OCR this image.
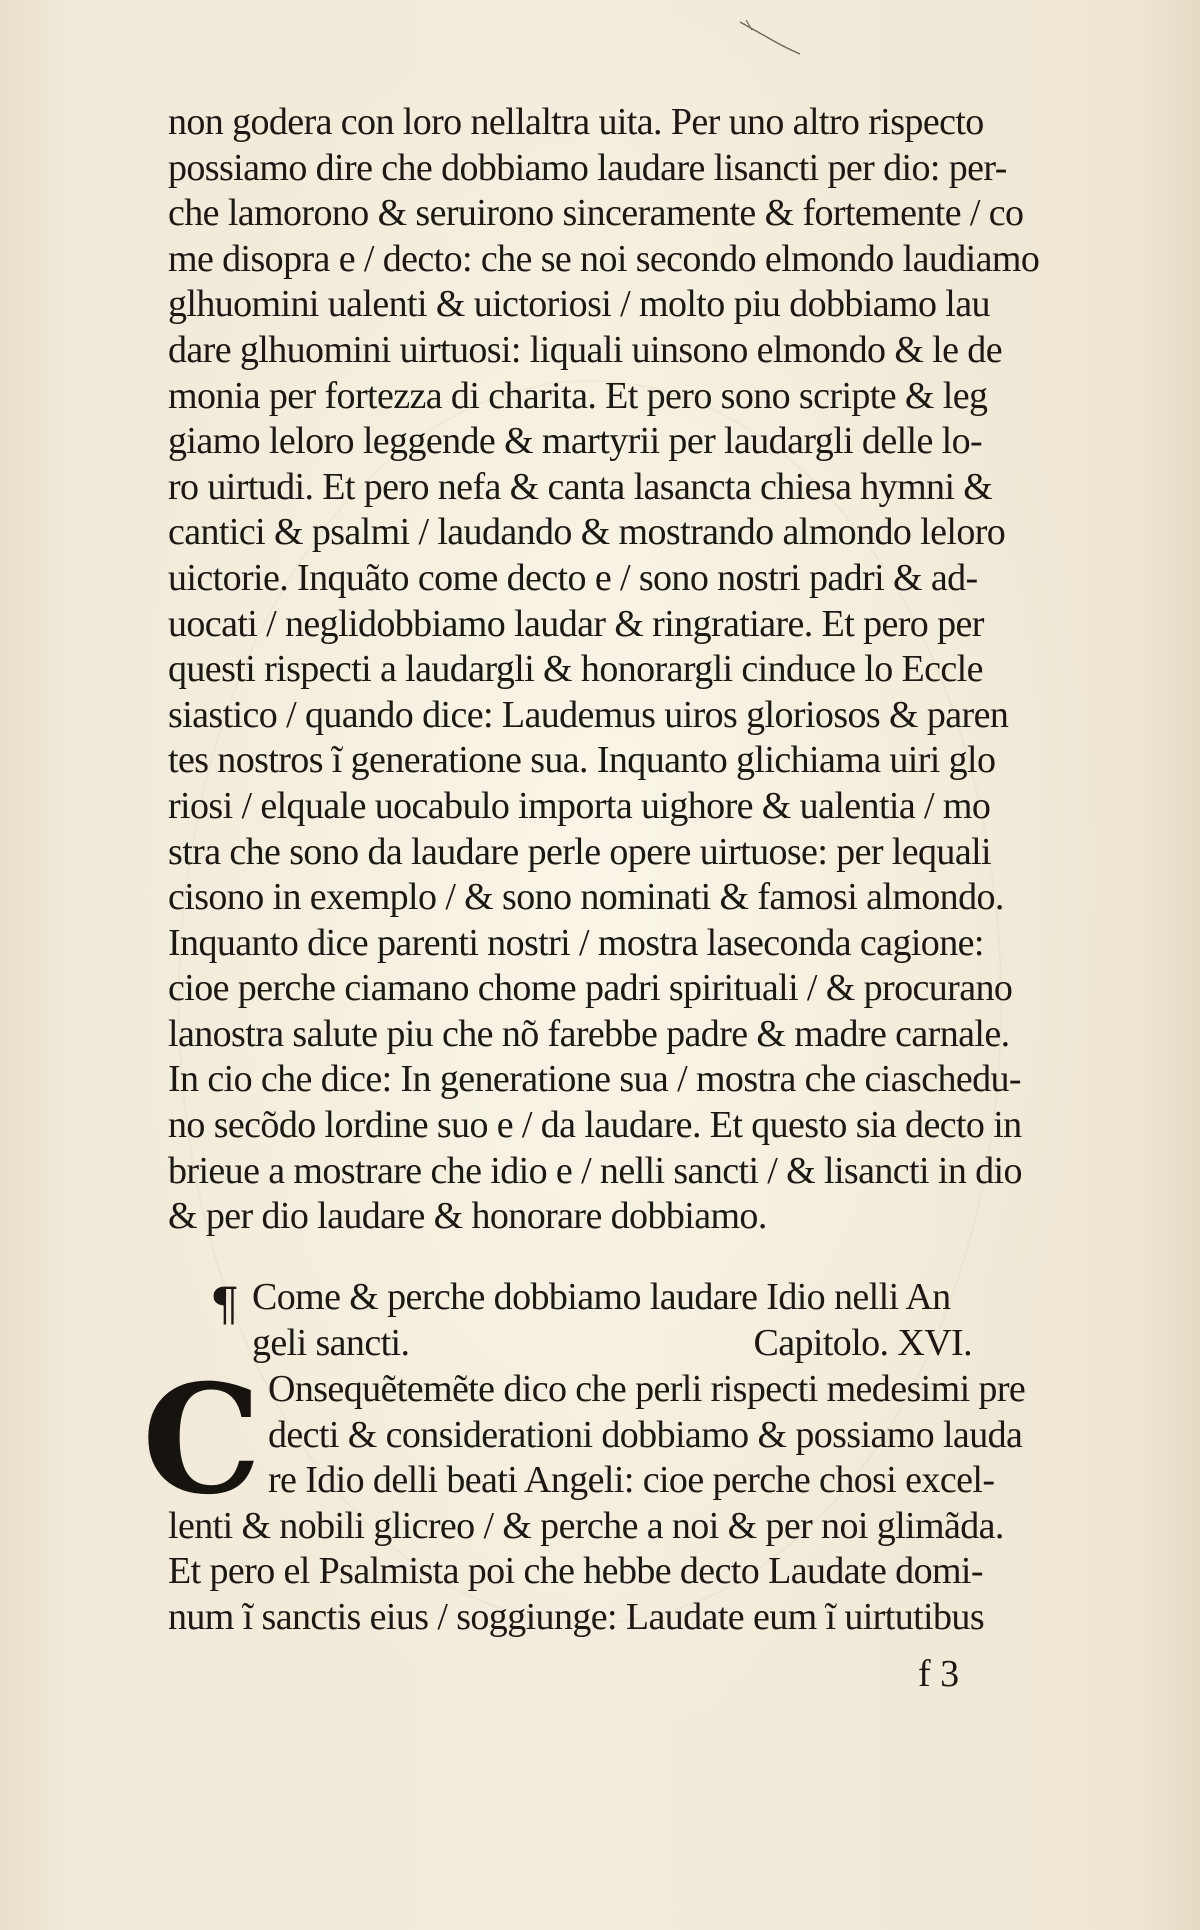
non godera con loro nellaltra uita. Per uno altro rispecto
possiamo dire che dobbiamo laudare lisancti per dio: per-
che lamorono & seruirono sinceramente & fortemente / co
me disopra e / decto: che se noi secondo elmondo laudiamo
glhuomini ualenti & uictoriosi / molto piu dobbiamo lau
dare glhuomini uirtuosi: liquali uinsono elmondo & le de
monia per fortezza di charita. Et pero sono scripte & leg
giamo leloro leggende & martyrii per laudargli delle lo-
ro uirtudi. Et pero nefa & canta lasancta chiesa hymni &
cantici & psalmi / laudando & mostrando almondo leloro
uictorie. Inquãto come decto e / sono nostri padri & ad-
uocati / neglidobbiamo laudar & ringratiare. Et pero per
questi rispecti a laudargli & honorargli cinduce lo Eccle
siastico / quando dice: Laudemus uiros gloriosos & paren
tes nostros ĩ generatione sua. Inquanto glichiama uiri glo
riosi / elquale uocabulo importa uighore & ualentia / mo
stra che sono da laudare perle opere uirtuose: per lequali
cisono in exemplo / & sono nominati & famosi almondo.
Inquanto dice parenti nostri / mostra laseconda cagione:
cioe perche ciamano chome padri spirituali / & procurano
lanostra salute piu che nõ farebbe padre & madre carnale.
In cio che dice: In generatione sua / mostra che ciaschedu-
no secõdo lordine suo e / da laudare. Et questo sia decto in
brieue a mostrare che idio e / nelli sancti / & lisancti in dio
& per dio laudare & honorare dobbiamo.
¶ Come & perche dobbiamo laudare Idio nelli An
geli sancti.	Capitolo. XVI.
C Onsequẽtemẽte dico che perli rispecti medesimi pre
decti & considerationi dobbiamo & possiamo lauda
re Idio delli beati Angeli: cioe perche chosi excel-
lenti & nobili glicreo / & perche a noi & per noi glimãda.
Et pero el Psalmista poi che hebbe decto Laudate domi-
num ĩ sanctis eius / soggiunge: Laudate eum ĩ uirtutibus
f 3
